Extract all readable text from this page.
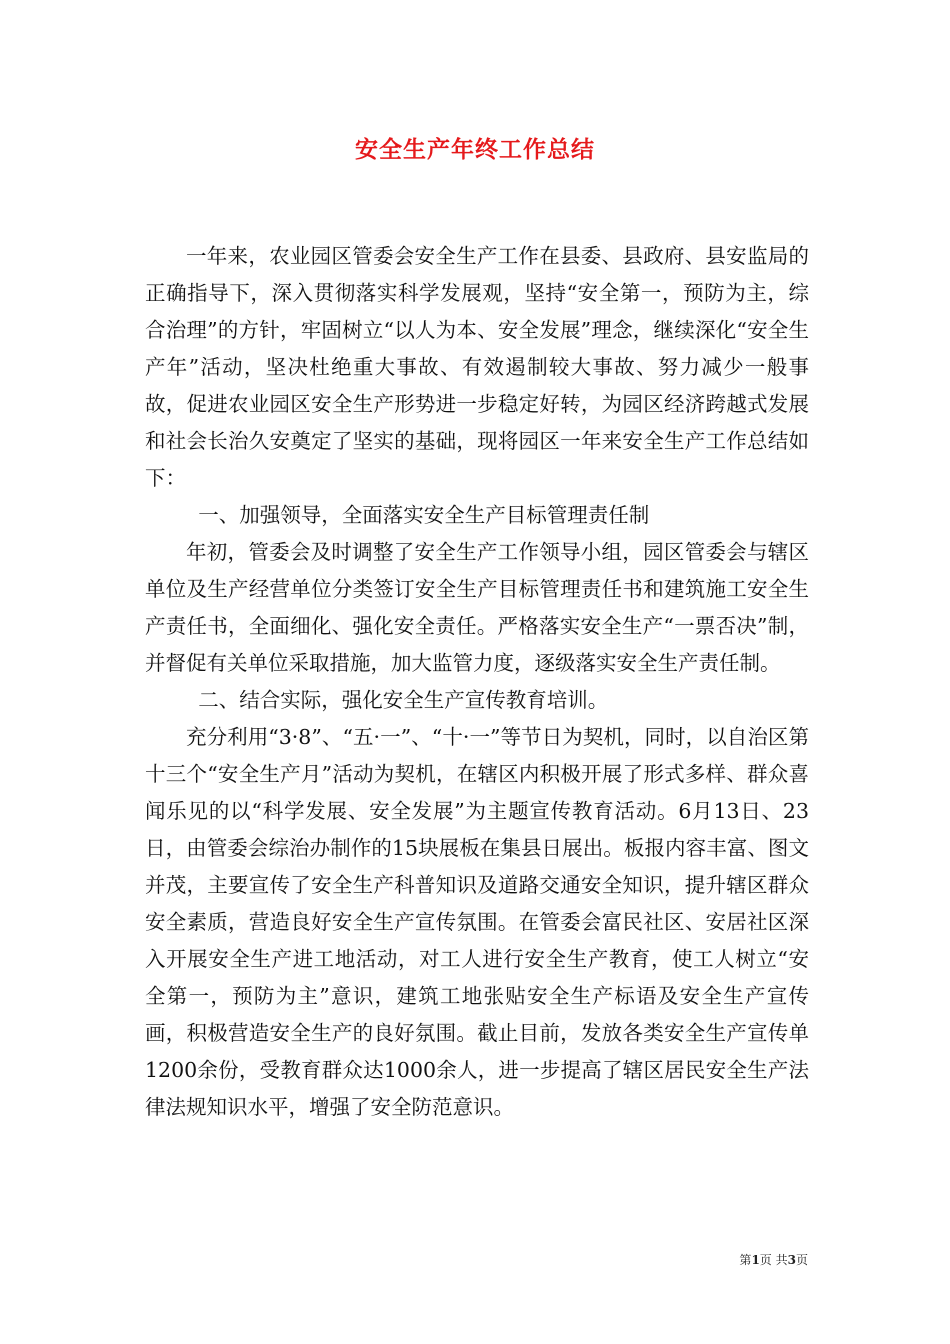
安全生产年终工作总结

一年来，农业园区管委会安全生产工作在县委、县政府、县安监局的正确指导下，深入贯彻落实科学发展观，坚持“安全第一，预防为主，综合治理”的方针，牢固树立“以人为本、安全发展”理念，继续深化“安全生产年”活动，坚决杜绝重大事故、有效遏制较大事故、努力减少一般事故，促进农业园区安全生产形势进一步稳定好转，为园区经济跨越式发展和社会长治久安奠定了坚实的基础，现将园区一年来安全生产工作总结如下：

一、加强领导，全面落实安全生产目标管理责任制

年初，管委会及时调整了安全生产工作领导小组，园区管委会与辖区单位及生产经营单位分类签订安全生产目标管理责任书和建筑施工安全生产责任书，全面细化、强化安全责任。严格落实安全生产“一票否决”制，并督促有关单位采取措施，加大监管力度，逐级落实安全生产责任制。

二、结合实际，强化安全生产宣传教育培训。

充分利用“3·8”、“五·一”、“十·一”等节日为契机，同时，以自治区第十三个“安全生产月”活动为契机，在辖区内积极开展了形式多样、群众喜闻乐见的以“科学发展、安全发展”为主题宣传教育活动。6月13日、23日，由管委会综治办制作的15块展板在集县日展出。板报内容丰富、图文并茂，主要宣传了安全生产科普知识及道路交通安全知识，提升辖区群众安全素质，营造良好安全生产宣传氛围。在管委会富民社区、安居社区深入开展安全生产进工地活动，对工人进行安全生产教育，使工人树立“安全第一，预防为主”意识，建筑工地张贴安全生产标语及安全生产宣传画，积极营造安全生产的良好氛围。截止目前，发放各类安全生产宣传单1200余份，受教育群众达1000余人，进一步提高了辖区居民安全生产法律法规知识水平，增强了安全防范意识。

第1页 共3页
